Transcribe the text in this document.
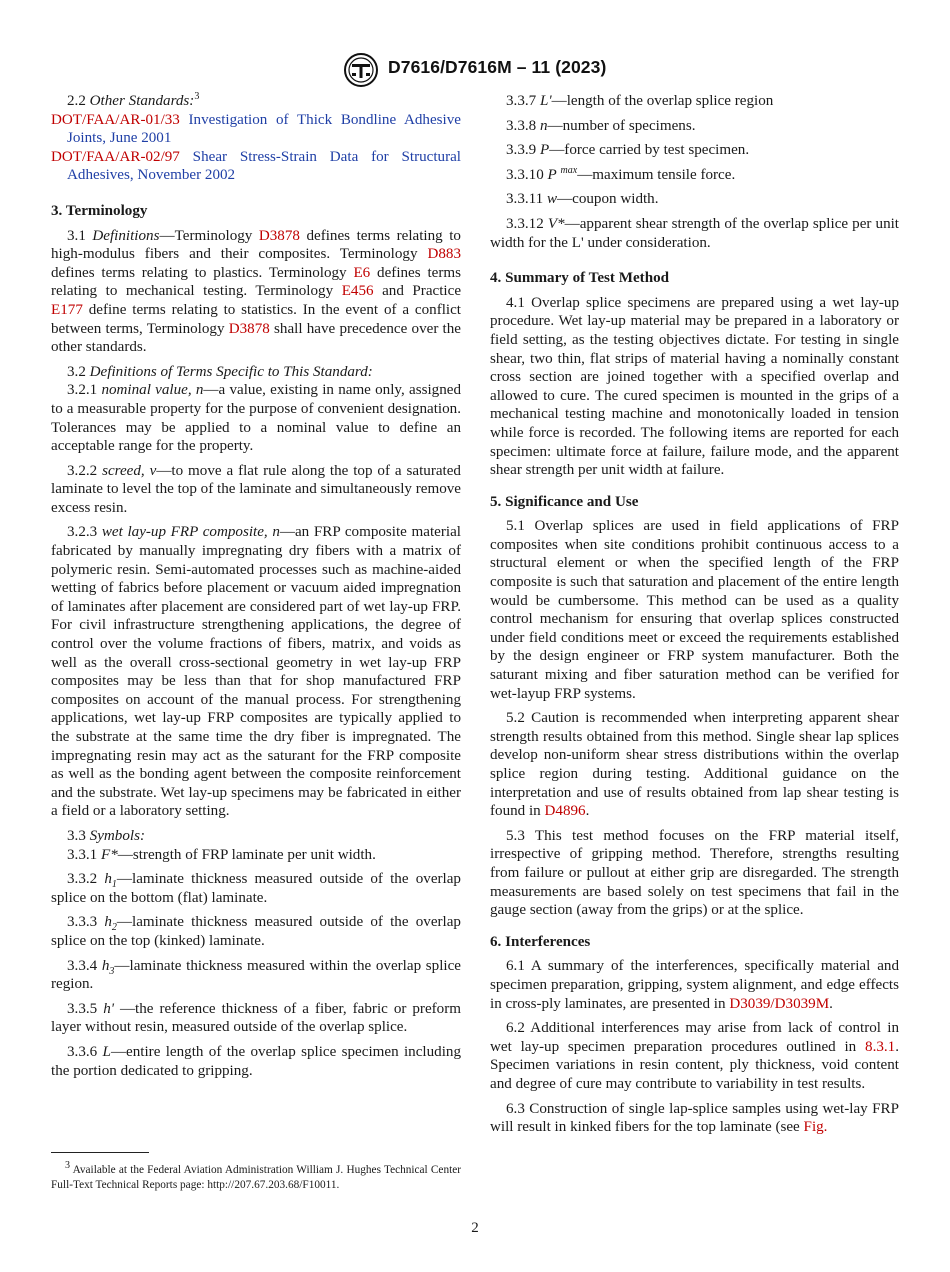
D7616/D7616M – 11 (2023)

2.2 Other Standards:$^3$

DOT/FAA/AR-01/33 Investigation of Thick Bondline Adhesive Joints, June 2001

DOT/FAA/AR-02/97 Shear Stress-Strain Data for Structural Adhesives, November 2002

3. Terminology

3.1 Definitions—Terminology D3878 defines terms relating to high-modulus fibers and their composites. Terminology D883 defines terms relating to plastics. Terminology E6 defines terms relating to mechanical testing. Terminology E456 and Practice E177 define terms relating to statistics. In the event of a conflict between terms, Terminology D3878 shall have precedence over the other standards.

3.2 Definitions of Terms Specific to This Standard:

3.2.1 nominal value, n—a value, existing in name only, assigned to a measurable property for the purpose of convenient designation. Tolerances may be applied to a nominal value to define an acceptable range for the property.

3.2.2 screed, v—to move a flat rule along the top of a saturated laminate to level the top of the laminate and simultaneously remove excess resin.

3.2.3 wet lay-up FRP composite, n—an FRP composite material fabricated by manually impregnating dry fibers with a matrix of polymeric resin. Semi-automated processes such as machine-aided wetting of fabrics before placement or vacuum aided impregnation of laminates after placement are considered part of wet lay-up FRP. For civil infrastructure strengthening applications, the degree of control over the volume fractions of fibers, matrix, and voids as well as the overall cross-sectional geometry in wet lay-up FRP composites may be less than that for shop manufactured FRP composites on account of the manual process. For strengthening applications, wet lay-up FRP composites are typically applied to the substrate at the same time the dry fiber is impregnated. The impregnating resin may act as the saturant for the FRP composite as well as the bonding agent between the composite reinforcement and the substrate. Wet lay-up specimens may be fabricated in either a field or a laboratory setting.

3.3 Symbols:

3.3.1 F*—strength of FRP laminate per unit width.

3.3.2 $h_1—laminate$ thickness measured outside of the overlap splice on the bottom (flat) laminate.

3.3.3 $h_2—laminate$ thickness measured outside of the overlap splice on the top (kinked) laminate.

3.3.4 $h_3—laminate$ thickness measured within the overlap splice region.

3.3.5 h' —the reference thickness of a fiber, fabric or preform layer without resin, measured outside of the overlap splice.

3.3.6 L—entire length of the overlap splice specimen including the portion dedicated to gripping.

3.3.7 L'—length of the overlap splice region

3.3.8 n—number of specimens.

3.3.9 P—force carried by test specimen.

3.3.10 P $^{max}$—maximum tensile force.

3.3.11 w—coupon width.

3.3.12 V*—apparent shear strength of the overlap splice per unit width for the L' under consideration.

4. Summary of Test Method

4.1 Overlap splice specimens are prepared using a wet lay-up procedure. Wet lay-up material may be prepared in a laboratory or field setting, as the testing objectives dictate. For testing in single shear, two thin, flat strips of material having a nominally constant cross section are joined together with a specified overlap and allowed to cure. The cured specimen is mounted in the grips of a mechanical testing machine and monotonically loaded in tension while force is recorded. The following items are reported for each specimen: ultimate force at failure, failure mode, and the apparent shear strength per unit width at failure.

5. Significance and Use

5.1 Overlap splices are used in field applications of FRP composites when site conditions prohibit continuous access to a structural element or when the specified length of the FRP composite is such that saturation and placement of the entire length would be cumbersome. This method can be used as a quality control mechanism for ensuring that overlap splices constructed under field conditions meet or exceed the requirements established by the design engineer or FRP system manufacturer. Both the saturant mixing and fiber saturation method can be verified for wet-layup FRP systems.

5.2 Caution is recommended when interpreting apparent shear strength results obtained from this method. Single shear lap splices develop non-uniform shear stress distributions within the overlap splice region during testing. Additional guidance on the interpretation and use of results obtained from lap shear testing is found in D4896.

5.3 This test method focuses on the FRP material itself, irrespective of gripping method. Therefore, strengths resulting from failure or pullout at either grip are disregarded. The strength measurements are based solely on test specimens that fail in the gauge section (away from the grips) or at the splice.

6. Interferences

6.1 A summary of the interferences, specifically material and specimen preparation, gripping, system alignment, and edge effects in cross-ply laminates, are presented in D3039/D3039M.

6.2 Additional interferences may arise from lack of control in wet lay-up specimen preparation procedures outlined in 8.3.1. Specimen variations in resin content, ply thickness, void content and degree of cure may contribute to variability in test results.

6.3 Construction of single lap-splice samples using wet-lay FRP will result in kinked fibers for the top laminate (see Fig.

$^3$ Available at the Federal Aviation Administration William J. Hughes Technical Center Full-Text Technical Reports page: http://207.67.203.68/F10011.

2
